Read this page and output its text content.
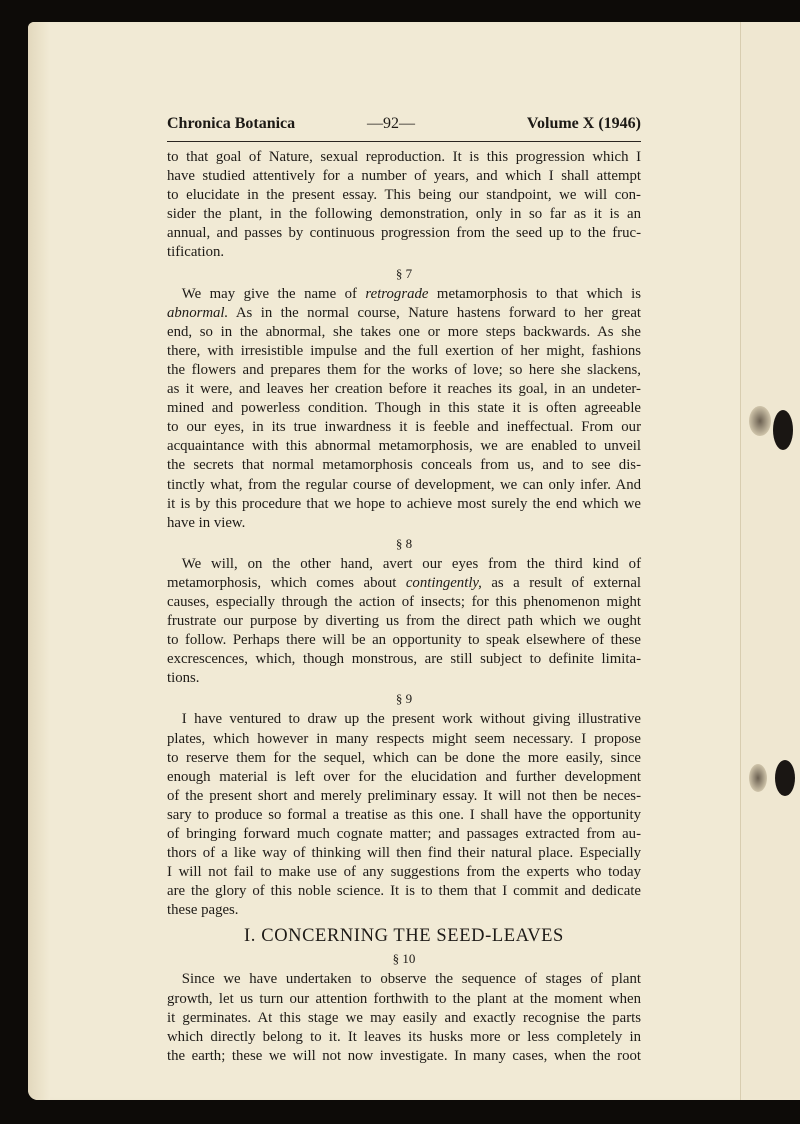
Chronica Botanica	—92—	Volume X (1946)
to that goal of Nature, sexual reproduction. It is this progression which I
have studied attentively for a number of years, and which I shall attempt
to elucidate in the present essay. This being our standpoint, we will con-
sider the plant, in the following demonstration, only in so far as it is an
annual, and passes by continuous progression from the seed up to the fruc-
tification.
§ 7
 We may give the name of retrograde metamorphosis to that which is
abnormal. As in the normal course, Nature hastens forward to her great
end, so in the abnormal, she takes one or more steps backwards. As she
there, with irresistible impulse and the full exertion of her might, fashions
the flowers and prepares them for the works of love; so here she slackens,
as it were, and leaves her creation before it reaches its goal, in an undeter-
mined and powerless condition. Though in this state it is often agreeable
to our eyes, in its true inwardness it is feeble and ineffectual. From our
acquaintance with this abnormal metamorphosis, we are enabled to unveil
the secrets that normal metamorphosis conceals from us, and to see dis-
tinctly what, from the regular course of development, we can only infer. And
it is by this procedure that we hope to achieve most surely the end which we
have in view.
§ 8
 We will, on the other hand, avert our eyes from the third kind of
metamorphosis, which comes about contingently, as a result of external
causes, especially through the action of insects; for this phenomenon might
frustrate our purpose by diverting us from the direct path which we ought
to follow. Perhaps there will be an opportunity to speak elsewhere of these
excrescences, which, though monstrous, are still subject to definite limita-
tions.
§ 9
 I have ventured to draw up the present work without giving illustrative
plates, which however in many respects might seem necessary. I propose
to reserve them for the sequel, which can be done the more easily, since
enough material is left over for the elucidation and further development
of the present short and merely preliminary essay. It will not then be neces-
sary to produce so formal a treatise as this one. I shall have the opportunity
of bringing forward much cognate matter; and passages extracted from au-
thors of a like way of thinking will then find their natural place. Especially
I will not fail to make use of any suggestions from the experts who today
are the glory of this noble science. It is to them that I commit and dedicate
these pages.
I. CONCERNING THE SEED-LEAVES
§ 10
 Since we have undertaken to observe the sequence of stages of plant
growth, let us turn our attention forthwith to the plant at the moment when
it germinates. At this stage we may easily and exactly recognise the parts
which directly belong to it. It leaves its husks more or less completely in
the earth; these we will not now investigate. In many cases, when the root
